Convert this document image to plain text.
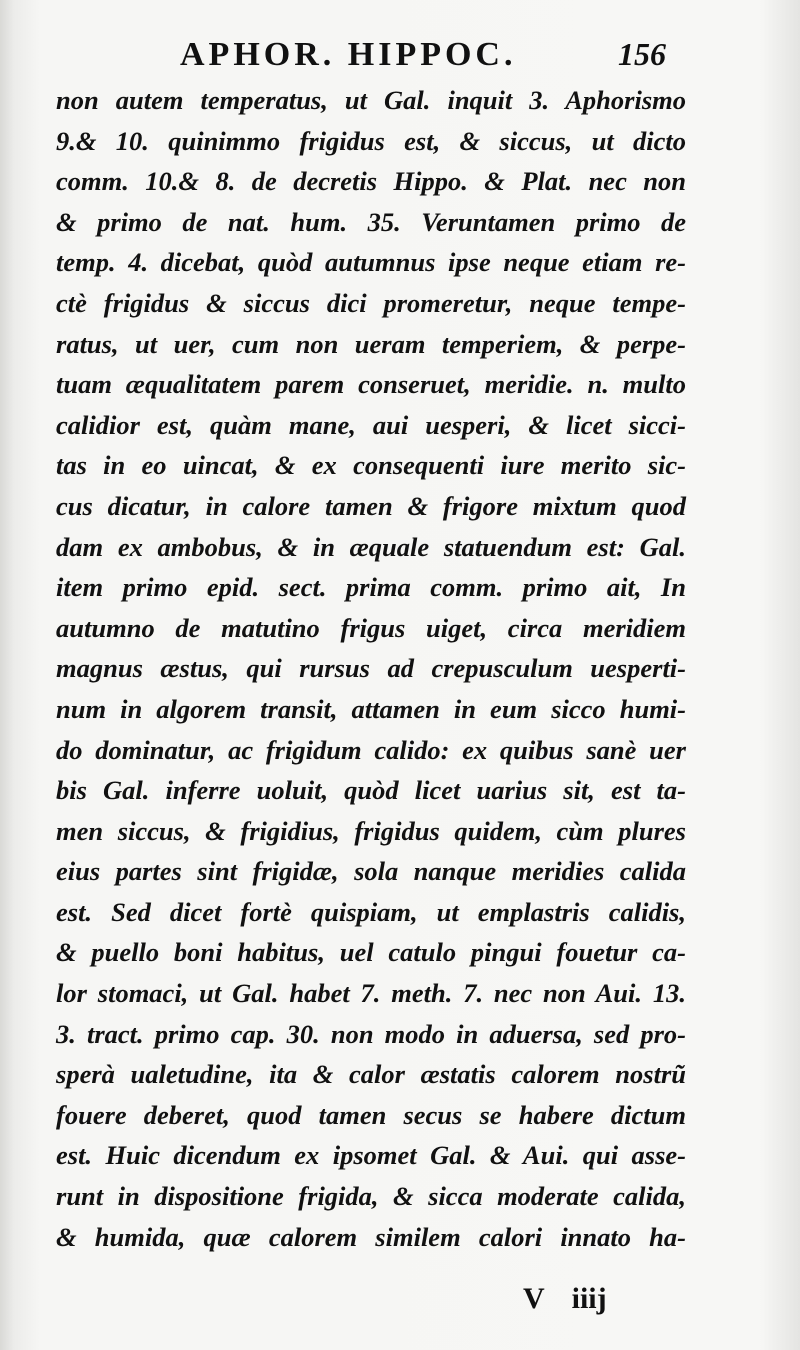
APHOR. HIPPOC.	156
non autem temperatus, ut Gal. inquit 3. Aphorismo
9.& 10. quinimmo frigidus est, & siccus, ut dicto
comm. 10.& 8. de decretis Hippo. & Plat. nec non
& primo de nat. hum. 35. Veruntamen primo de
temp. 4. dicebat, quòd autumnus ipse neque etiam re-
ctè frigidus & siccus dici promeretur, neque tempe-
ratus, ut uer, cum non ueram temperiem, & perpe-
tuam æqualitatem parem conseruet, meridie. n. multo
calidior est, quàm mane, aui uesperi, & licet sicci-
tas in eo uincat, & ex consequenti iure merito sic-
cus dicatur, in calore tamen & frigore mixtum quod
dam ex ambobus, & in æquale statuendum est: Gal.
item primo epid. sect. prima comm. primo ait, In
autumno de matutino frigus uiget, circa meridiem
magnus æstus, qui rursus ad crepusculum uesperti-
num in algorem transit, attamen in eum sicco humi-
do dominatur, ac frigidum calido: ex quibus sanè uer
bis Gal. inferre uoluit, quòd licet uarius sit, est ta-
men siccus, & frigidius, frigidus quidem, cùm plures
eius partes sint frigidæ, sola nanque meridies calida
est. Sed dicet fortè quispiam, ut emplastris calidis,
& puello boni habitus, uel catulo pingui fouetur ca-
lor stomaci, ut Gal. habet 7. meth. 7. nec non Aui. 13.
3. tract. primo cap. 30. non modo in aduersa, sed pro-
sperà ualetudine, ita & calor æstatis calorem nostrũ
fouere deberet, quod tamen secus se habere dictum
est. Huic dicendum ex ipsomet Gal. & Aui. qui asse-
runt in dispositione frigida, & sicca moderate calida,
& humida, quæ calorem similem calori innato ha-
V iiij
